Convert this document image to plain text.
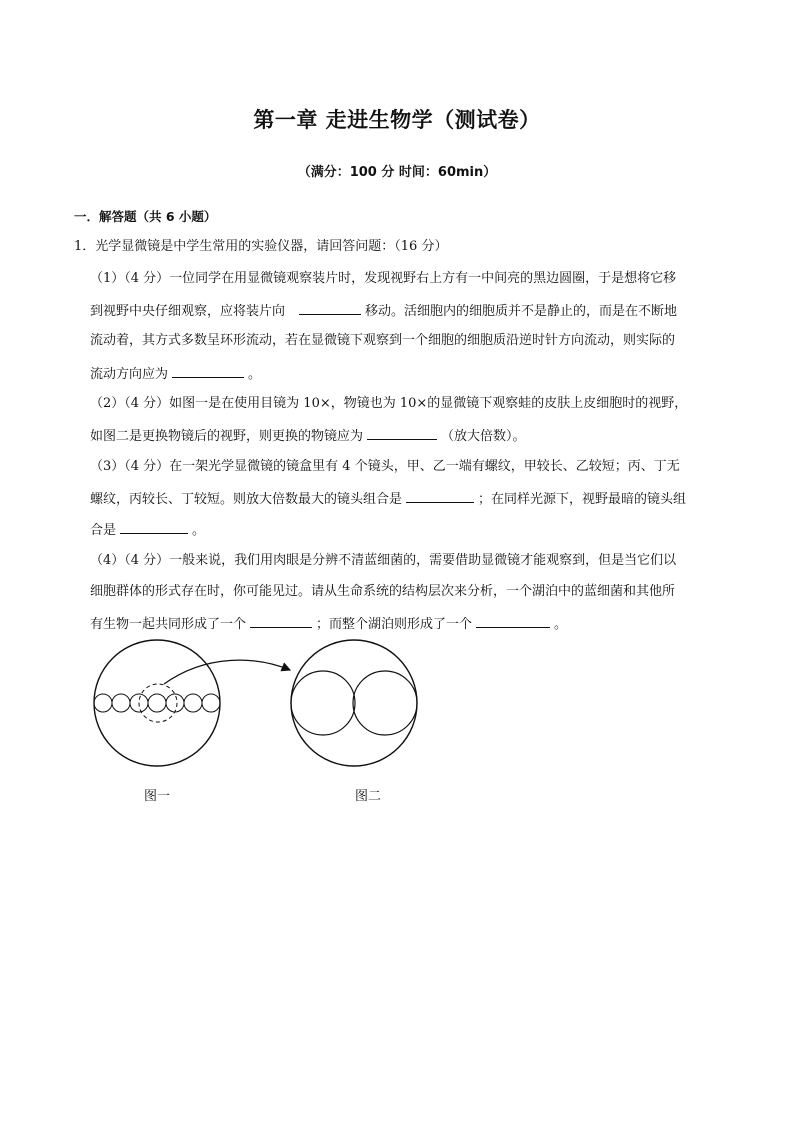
第一章 走进生物学（测试卷）
（满分：100 分 时间：60min）
一．解答题（共 6 小题）
1．光学显微镜是中学生常用的实验仪器，请回答问题：（16 分）
（1）（4 分）一位同学在用显微镜观察装片时，发现视野右上方有一中间亮的黑边圆圈，于是想将它移
到视野中央仔细观察，应将装片向	移动。活细胞内的细胞质并不是静止的，而是在不断地
流动着，其方式多数呈环形流动，若在显微镜下观察到一个细胞的细胞质沿逆时针方向流动，则实际的
流动方向应为	。
（2）（4 分）如图一是在使用目镜为 10×，物镜也为 10×的显微镜下观察蛙的皮肤上皮细胞时的视野，
如图二是更换物镜后的视野，则更换的物镜应为	（放大倍数）。
（3）（4 分）在一架光学显微镜的镜盒里有 4 个镜头，甲、乙一端有螺纹，甲较长、乙较短；丙、丁无
螺纹，丙较长、丁较短。则放大倍数最大的镜头组合是	；在同样光源下，视野最暗的镜头组
合是	。
（4）（4 分）一般来说，我们用肉眼是分辨不清蓝细菌的，需要借助显微镜才能观察到，但是当它们以
细胞群体的形式存在时，你可能见过。请从生命系统的结构层次来分析，一个湖泊中的蓝细菌和其他所
有生物一起共同形成了一个	；而整个湖泊则形成了一个	。
图一	图二
